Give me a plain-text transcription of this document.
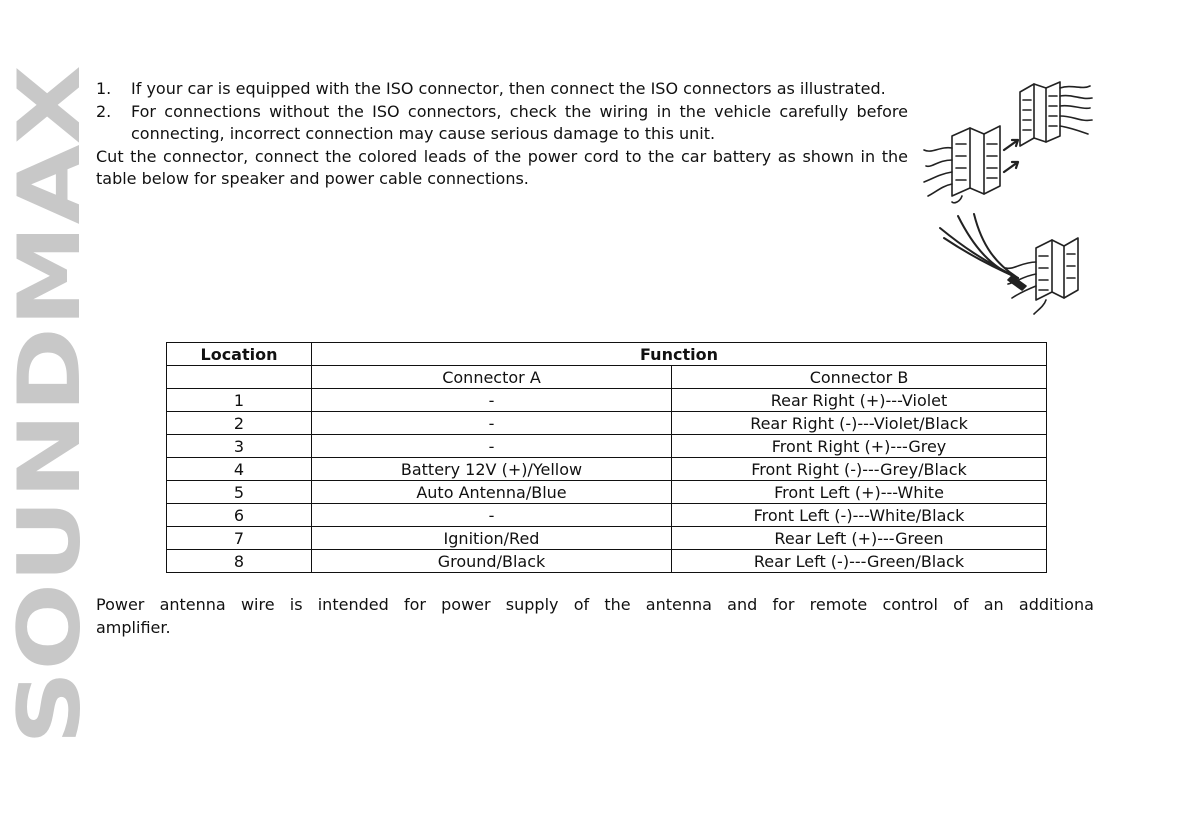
SOUNDMAX
1. If your car is equipped with the ISO connector, then connect the ISO connectors as illustrated.
2. For connections without the ISO connectors, check the wiring in the vehicle carefully before connecting, incorrect connection may cause serious damage to this unit.

Cut the connector, connect the colored leads of the power cord to the car battery as shown in the table below for speaker and power cable connections.

Location	Function	
	Connector A	Connector B
1	-	Rear Right (+)---Violet
2	-	Rear Right (-)---Violet/Black
3	-	Front Right (+)---Grey
4	Battery 12V (+)/Yellow	Front Right (-)---Grey/Black
5	Auto Antenna/Blue	Front Left (+)---White
6	-	Front Left (-)---White/Black
7	Ignition/Red	Rear Left (+)---Green
8	Ground/Black	Rear Left (-)---Green/Black
Power antenna wire is intended for power supply of the antenna and for remote control of an additiona
amplifier.
